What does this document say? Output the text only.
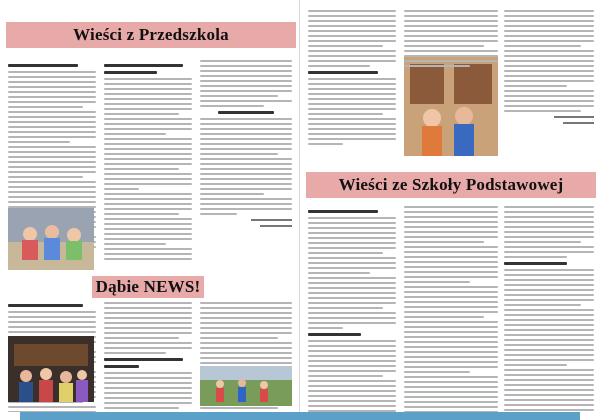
Wieści z Przedszkola
Dąbie NEWS!
Wieści ze Szkoły Podstawowej
